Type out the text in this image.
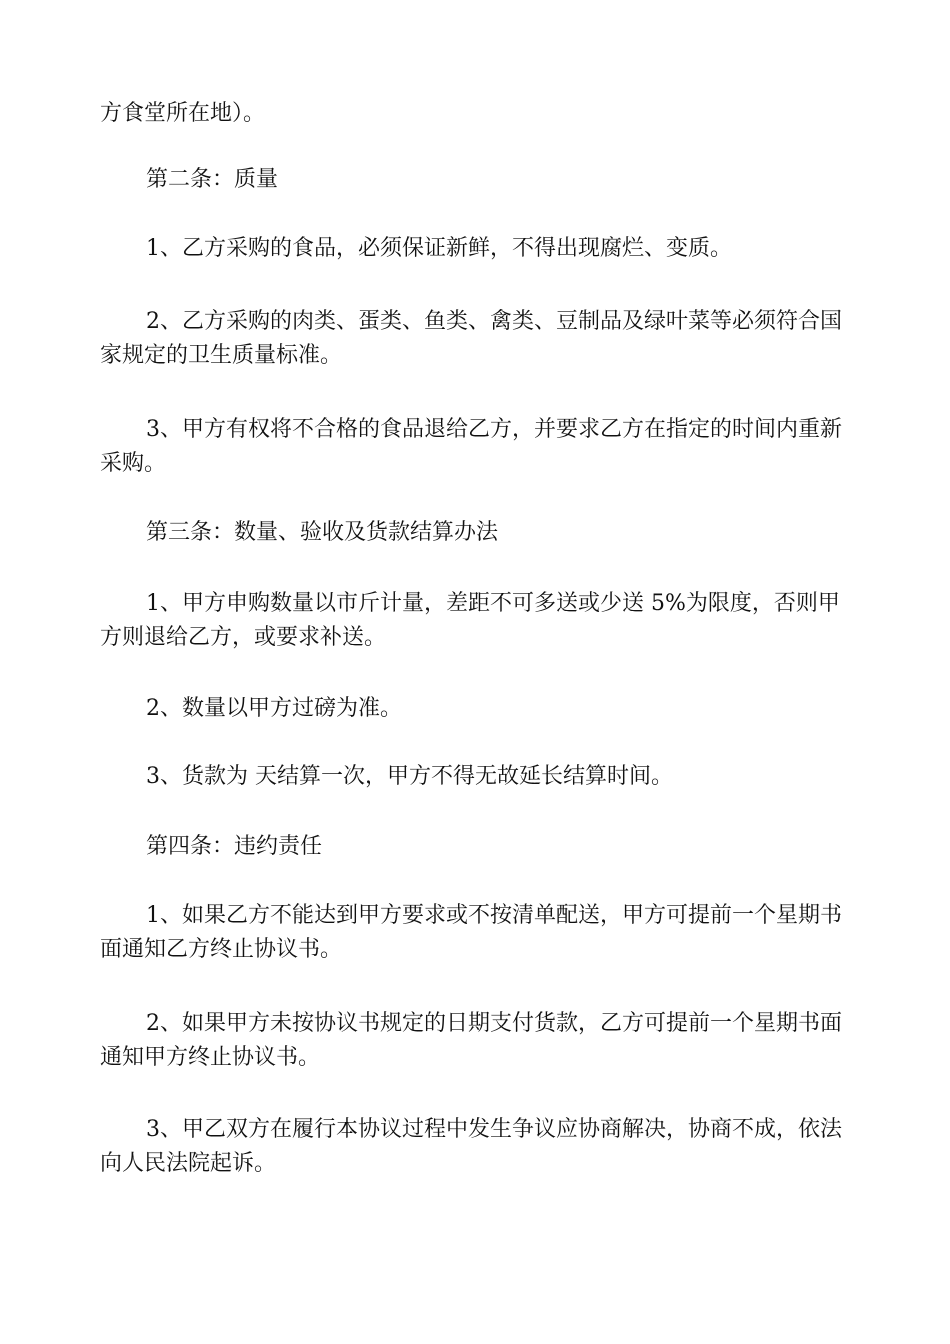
方食堂所在地）。

第二条：质量

1、乙方采购的食品，必须保证新鲜，不得出现腐烂、变质。

2、乙方采购的肉类、蛋类、鱼类、禽类、豆制品及绿叶菜等必须符合国家规定的卫生质量标准。

3、甲方有权将不合格的食品退给乙方，并要求乙方在指定的时间内重新采购。

第三条：数量、验收及货款结算办法

1、甲方申购数量以市斤计量，差距不可多送或少送 5%为限度，否则甲方则退给乙方，或要求补送。

2、数量以甲方过磅为准。

3、货款为 天结算一次，甲方不得无故延长结算时间。

第四条：违约责任

1、如果乙方不能达到甲方要求或不按清单配送，甲方可提前一个星期书面通知乙方终止协议书。

2、如果甲方未按协议书规定的日期支付货款，乙方可提前一个星期书面通知甲方终止协议书。

3、甲乙双方在履行本协议过程中发生争议应协商解决，协商不成，依法向人民法院起诉。
